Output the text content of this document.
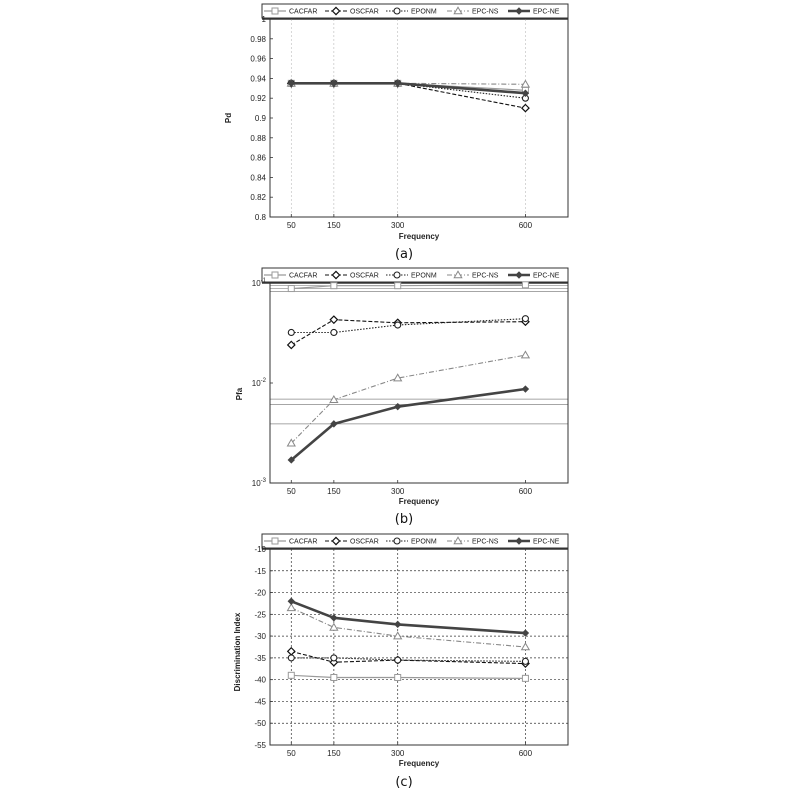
CACFAR	OSCFAR	EPONM	EPC-NS	EPC-NE
0.8
0.82
0.84
0.86
0.88
0.9
0.92
0.94
0.96
0.98
1
50	150	300	600
Frequency
Pd
(a)
CACFAR	OSCFAR	EPONM	EPC-NS	EPC-NE
$10^{-3}$
$10^{-2}$
$10^{-1}$
50	150	300	600
Frequency
Pfa
(b)
CACFAR	OSCFAR	EPONM	EPC-NS	EPC-NE
-55
-50
-45
-40
-35
-30
-25
-20
-15
-10
50	150	300	600
Frequency
Discrimination Index
(c)
